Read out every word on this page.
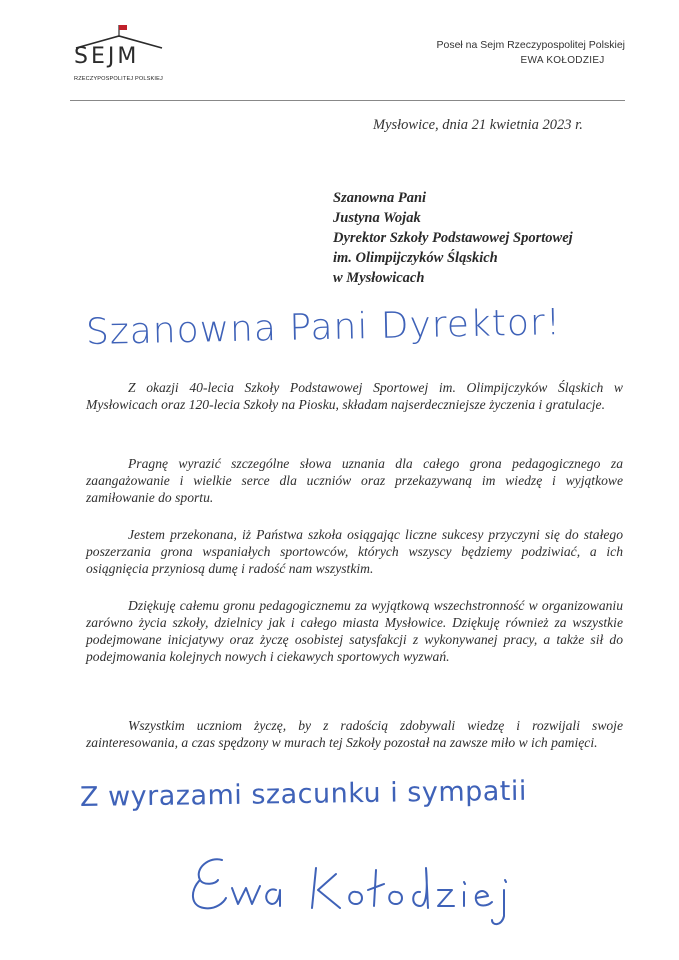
SEJM
RZECZYPOSPOLITEJ POLSKIEJ
Poseł na Sejm Rzeczypospolitej Polskiej
EWA KOŁODZIEJ
Mysłowice, dnia 21 kwietnia 2023 r.
Szanowna Pani
Justyna Wojak
Dyrektor Szkoły Podstawowej Sportowej
im. Olimpijczyków Śląskich
w Mysłowicach
Szanowna Pani Dyrektor!
Z okazji 40-lecia Szkoły Podstawowej Sportowej im. Olimpijczyków Śląskich w Mysłowicach oraz 120-lecia Szkoły na Piosku, składam najserdeczniejsze życzenia i gratulacje.
Pragnę wyrazić szczególne słowa uznania dla całego grona pedagogicznego za zaangażowanie i wielkie serce dla uczniów oraz przekazywaną im wiedzę i wyjątkowe zamiłowanie do sportu.
Jestem przekonana, iż Państwa szkoła osiągając liczne sukcesy przyczyni się do stałego poszerzania grona wspaniałych sportowców, których wszyscy będziemy podziwiać, a ich osiągnięcia przyniosą dumę i radość nam wszystkim.
Dziękuję całemu gronu pedagogicznemu za wyjątkową wszechstronność w organizowaniu zarówno życia szkoły, dzielnicy jak i całego miasta Mysłowice. Dziękuję również za wszystkie podejmowane inicjatywy oraz życzę osobistej satysfakcji z wykonywanej pracy, a także sił do podejmowania kolejnych nowych i ciekawych sportowych wyzwań.
Wszystkim uczniom życzę, by z radością zdobywali wiedzę i rozwijali swoje zainteresowania, a czas spędzony w murach tej Szkoły pozostał na zawsze miło w ich pamięci.
Z wyrazami szacunku i sympatii
